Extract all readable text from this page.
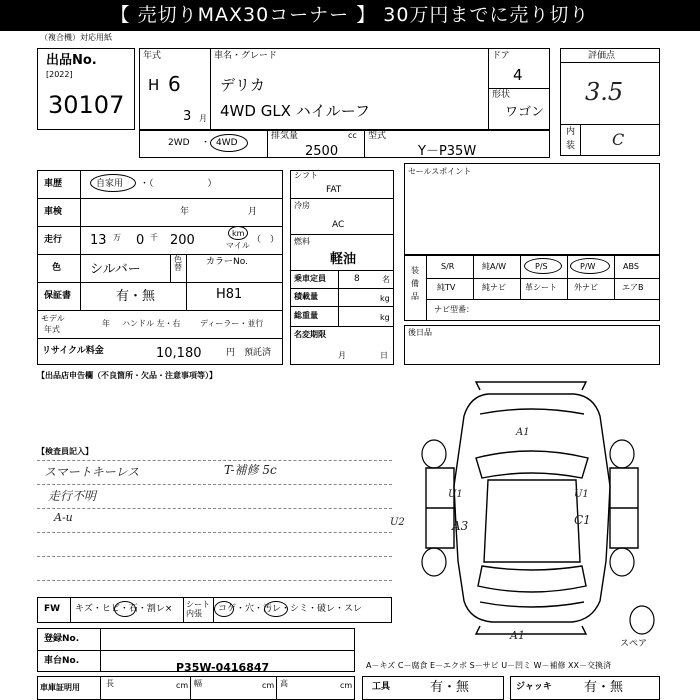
【 売切りMAX30コーナー 】 30万円までに売り切り
（複合機）対応用紙
出品No.
[2022]
30107
年式
H 6
3 月
車名・グレード
デリカ
4WD GLX ハイルーフ
ドア
4
形状
ワゴン
評価点
3.5
内
装 C
2WD ・ 4WD
排気量	cc
2500
型式
Y－P35W
車歴	自家用 ・（　　　　　　）
車検	年	月
走行 13 万 0 千 200	km
マイル
（　）
色 シルバー
色替
カラーNo.
H81
保証書	有・無
モデル
年式
年 ハンドル 左・右 ディーラー・並行
リサイクル料金	10,180	円 預託済
シフト
FAT
冷房
AC
燃料
軽油
乗車定員	8	名
積載量	kg
総重量	kg
名変期限
月	日
セールスポイント
装備品
S/R	純A/W	P/S	P/W	ABS
純TV	純ナビ 革シート 外ナビ	エアB
ナビ型番：
後日品
【出品店申告欄（不良箇所・欠品・注意事項等）】
【検査員記入】
スマートキーレス
走行不明
A-u
T-補修 5c
FW キズ・ヒビ・石・割レ× シート内張	コゲ・穴・汚レ・シミ・破レ・スレ
A1
U1	U1
U2	A3	C1
A1
スペア
登録No.
車台No.	P35W-0416847	A－キズ C－腐食 E－エクボ S－サビ U－凹ミ W－補修 XX－交換済
車庫証明用	長	cm 幅	cm 高	cm 工具	有・無	ジャッキ 有・無
